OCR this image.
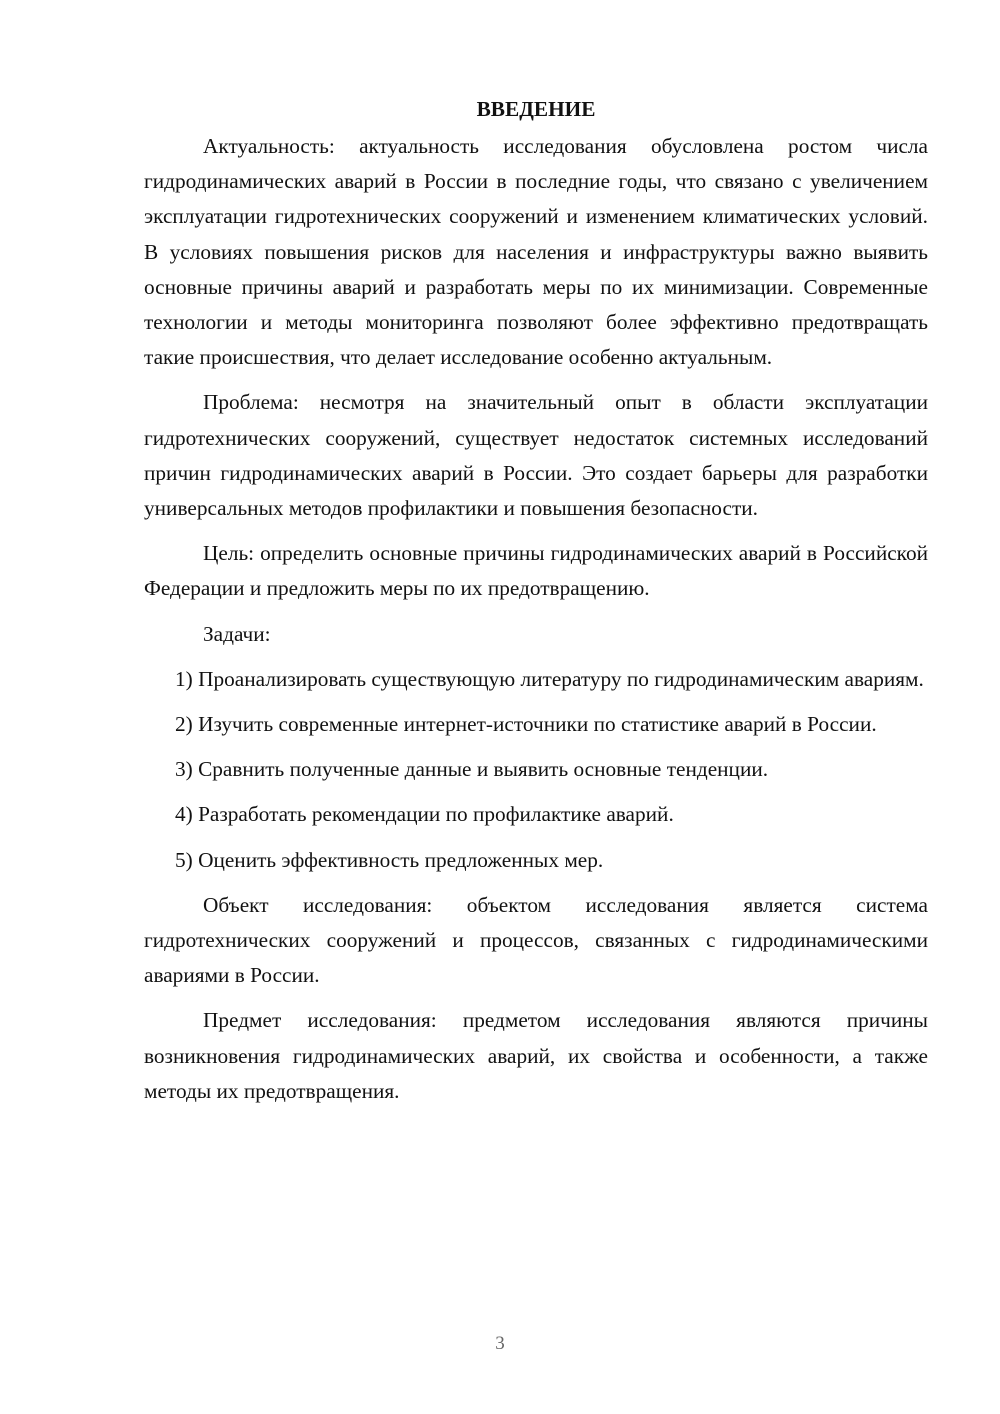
ВВЕДЕНИЕ

Актуальность: актуальность исследования обусловлена ростом числа гидродинамических аварий в России в последние годы, что связано с увеличением эксплуатации гидротехнических сооружений и изменением климатических условий. В условиях повышения рисков для населения и инфраструктуры важно выявить основные причины аварий и разработать меры по их минимизации. Современные технологии и методы мониторинга позволяют более эффективно предотвращать такие происшествия, что делает исследование особенно актуальным.

Проблема: несмотря на значительный опыт в области эксплуатации гидротехнических сооружений, существует недостаток системных исследований причин гидродинамических аварий в России. Это создает барьеры для разработки универсальных методов профилактики и повышения безопасности.

Цель: определить основные причины гидродинамических аварий в Российской Федерации и предложить меры по их предотвращению.

Задачи:

1) Проанализировать существующую литературу по гидродинамическим авариям.

2) Изучить современные интернет-источники по статистике аварий в России.

3) Сравнить полученные данные и выявить основные тенденции.

4) Разработать рекомендации по профилактике аварий.

5) Оценить эффективность предложенных мер.

Объект исследования: объектом исследования является система гидротехнических сооружений и процессов, связанных с гидродинамическими авариями в России.

Предмет исследования: предметом исследования являются причины возникновения гидродинамических аварий, их свойства и особенности, а также методы их предотвращения.

3
